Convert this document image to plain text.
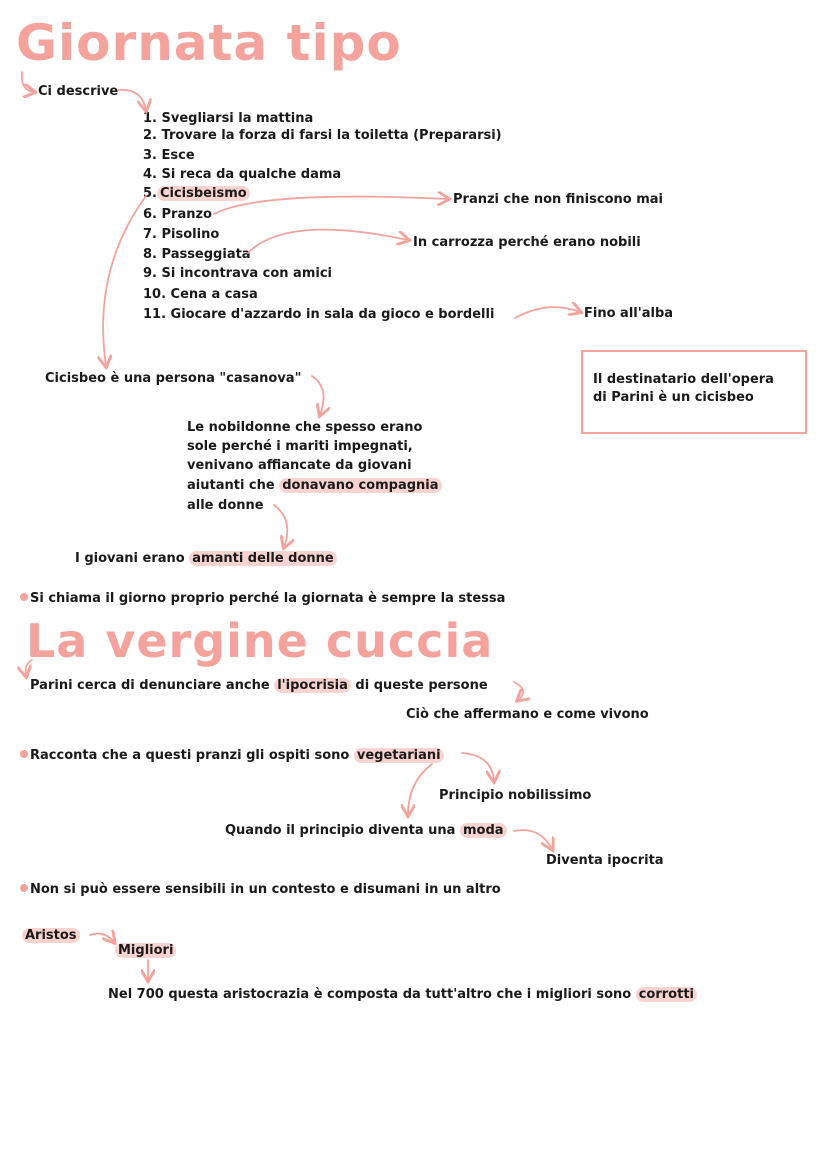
Giornata tipo
La vergine cuccia
Ci descrive
1. Svegliarsi la mattina
2. Trovare la forza di farsi la toiletta (Prepararsi)
3. Esce
4. Si reca da qualche dama
5. Cicisbeismo
6. Pranzo
7. Pisolino
8. Passeggiata
9. Si incontrava con amici
10. Cena a casa
11. Giocare d'azzardo in sala da gioco e bordelli
Pranzi che non finiscono mai
In carrozza perché erano nobili
Fino all'alba
Cicisbeo è una persona "casanova"	Il destinatario dell'opera
di Parini è un cicisbeo
Le nobildonne che spesso erano
sole perché i mariti impegnati,
venivano affiancate da giovani
aiutanti che donavano compagnia
alle donne
I giovani erano amanti delle donne
Si chiama il giorno proprio perché la giornata è sempre la stessa
Parini cerca di denunciare anche l'ipocrisia di queste persone
Ciò che affermano e come vivono
Racconta che a questi pranzi gli ospiti sono vegetariani
Principio nobilissimo
Quando il principio diventa una moda
Diventa ipocrita
Non si può essere sensibili in un contesto e disumani in un altro
Aristos
Migliori
Nel 700 questa aristocrazia è composta da tutt'altro che i migliori sono corrotti
